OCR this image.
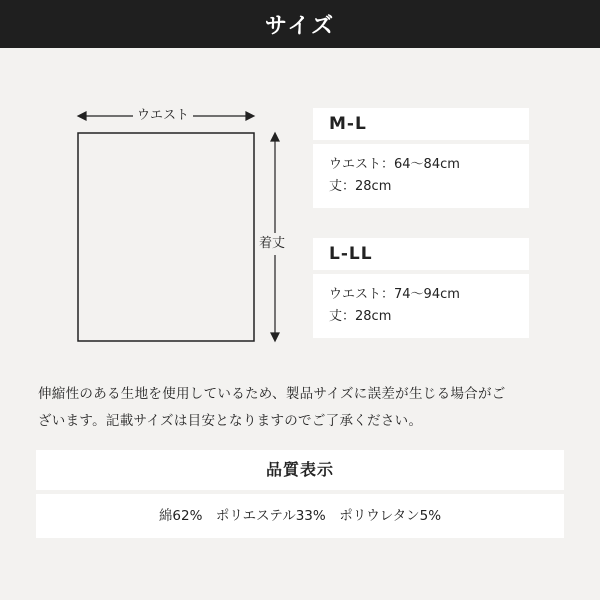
サイズ
ウエスト
着丈
M-L
ウエスト：64〜84cm
丈：28cm
L-LL
ウエスト：74〜94cm
丈：28cm
伸縮性のある生地を使用しているため、製品サイズに誤差が生じる場合がご
ざいます。記載サイズは目安となりますのでご了承ください。
品質表示
綿62%　ポリエステル33%　ポリウレタン5%
